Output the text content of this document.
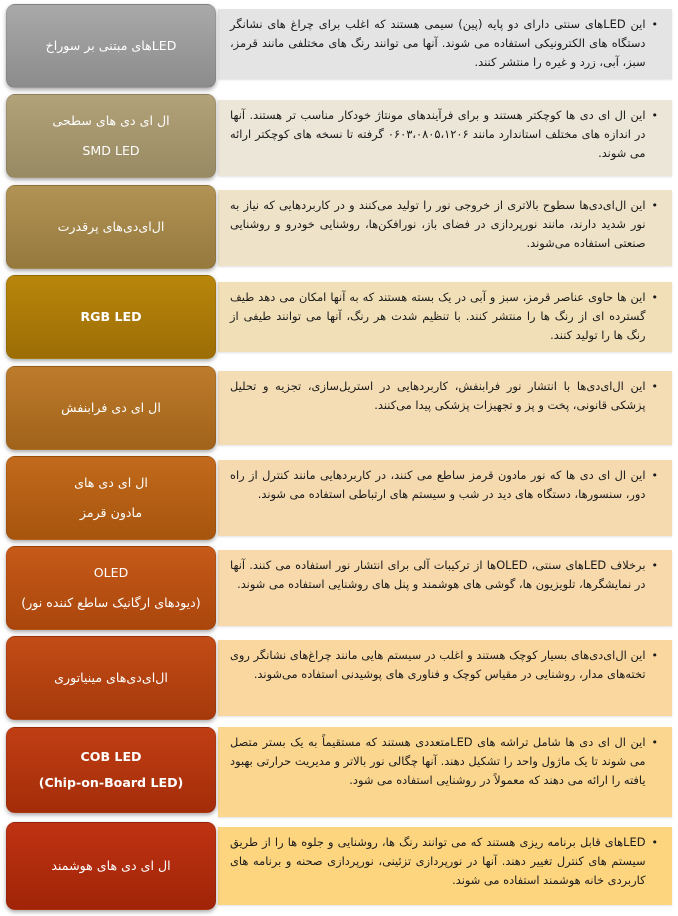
•
این LEDهای سنتی دارای دو پایه (پین) سیمی هستند که اغلب برای چراغ های نشانگر دستگاه های الکترونیکی استفاده می شوند. آنها می توانند رنگ های مختلفی مانند قرمز، سبز، آبی، زرد و غیره را منتشر کنند.
LEDهای مبتنی بر سوراخ
•
این ال ای دی ها کوچکتر هستند و برای فرآیندهای مونتاژ خودکار مناسب تر هستند. آنها در اندازه های مختلف استاندارد مانند ۰۶۰۳،۰۸۰۵،۱۲۰۶ گرفته تا نسخه های کوچکتر ارائه می شوند.
ال ای دی های سطحی
SMD LED
•
این ال‌ای‌دی‌ها سطوح بالاتری از خروجی نور را تولید می‌کنند و در کاربردهایی که نیاز به نور شدید دارند، مانند نورپردازی در فضای باز، نورافکن‌ها، روشنایی خودرو و روشنایی صنعتی استفاده می‌شوند.
ال‌ای‌دی‌های پرقدرت
•
این ها حاوی عناصر قرمز، سبز و آبی در یک بسته هستند که به آنها امکان می دهد طیف گسترده ای از رنگ ها را منتشر کنند. با تنظیم شدت هر رنگ، آنها می توانند طیفی از رنگ ها را تولید کنند.
RGB LED
•
این ال‌ای‌دی‌ها با انتشار نور فرابنفش، کاربردهایی در استریل‌سازی، تجزیه و تحلیل پزشکی قانونی، پخت و پز و تجهیزات پزشکی پیدا می‌کنند.
ال ای دی فرابنفش
•
این ال ای دی ها که نور مادون قرمز ساطع می کنند، در کاربردهایی مانند کنترل از راه دور، سنسورها، دستگاه های دید در شب و سیستم های ارتباطی استفاده می شوند.
ال ای دی های
مادون قرمز
•
برخلاف LEDهای سنتی، OLEDها از ترکیبات آلی برای انتشار نور استفاده می کنند. آنها در نمایشگرها، تلویزیون ها، گوشی های هوشمند و پنل های روشنایی استفاده می شوند.
OLED
(دیودهای ارگانیک ساطع کننده نور)
•
این ال‌ای‌دی‌های بسیار کوچک هستند و اغلب در سیستم هایی مانند چراغ‌های نشانگر روی تخته‌های مدار، روشنایی در مقیاس کوچک و فناوری های پوشیدنی استفاده می‌شوند.
ال‌ای‌دی‌های مینیاتوری
•
این ال ای دی ها شامل تراشه های LEDمتعددی هستند که مستقیماً به یک بستر متصل می شوند تا یک ماژول واحد را تشکیل دهند. آنها چگالی نور بالاتر و مدیریت حرارتی بهبود یافته را ارائه می دهند که معمولاً در روشنایی استفاده می شود.
COB LED
(Chip-on-Board LED)
•
LEDهای قابل برنامه ریزی هستند که می توانند رنگ ها، روشنایی و جلوه ها را از طریق سیستم های کنترل تغییر دهند. آنها در نورپردازی تزئینی، نورپردازی صحنه و برنامه های کاربردی خانه هوشمند استفاده می شوند.
ال ای دی های هوشمند
